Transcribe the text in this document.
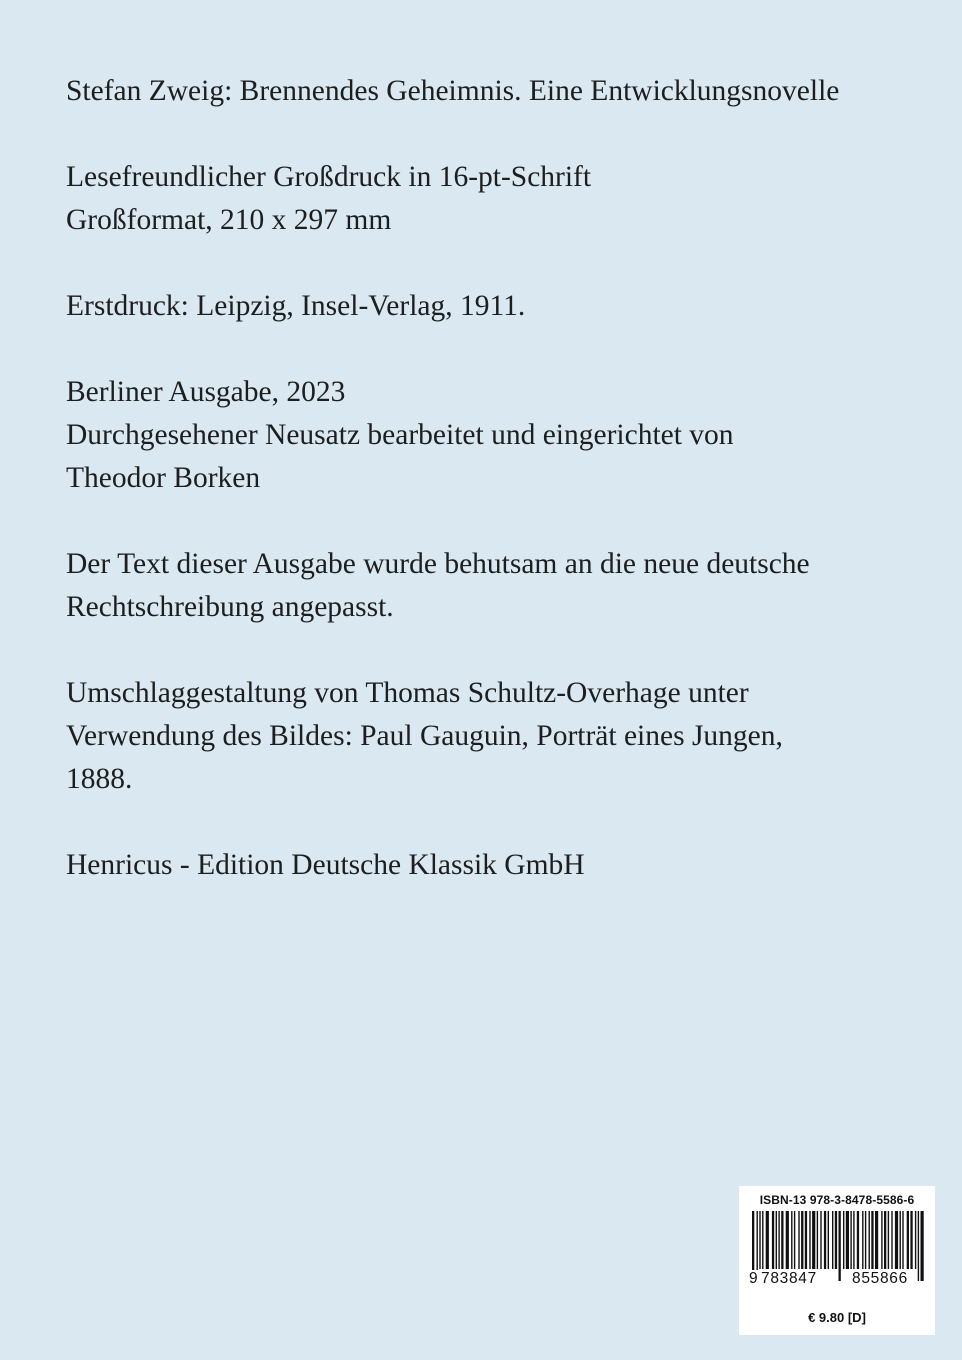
Stefan Zweig: Brennendes Geheimnis. Eine Entwicklungsnovelle

Lesefreundlicher Großdruck in 16-pt-Schrift
Großformat, 210 x 297 mm

Erstdruck: Leipzig, Insel-Verlag, 1911.

Berliner Ausgabe, 2023
Durchgesehener Neusatz bearbeitet und eingerichtet von
Theodor Borken

Der Text dieser Ausgabe wurde behutsam an die neue deutsche
Rechtschreibung angepasst.

Umschlaggestaltung von Thomas Schultz-Overhage unter
Verwendung des Bildes: Paul Gauguin, Porträt eines Jungen,
1888.

Henricus - Edition Deutsche Klassik GmbH

ISBN-13 978-3-8478-5586-6
9 783847 855866
€ 9.80 [D]
